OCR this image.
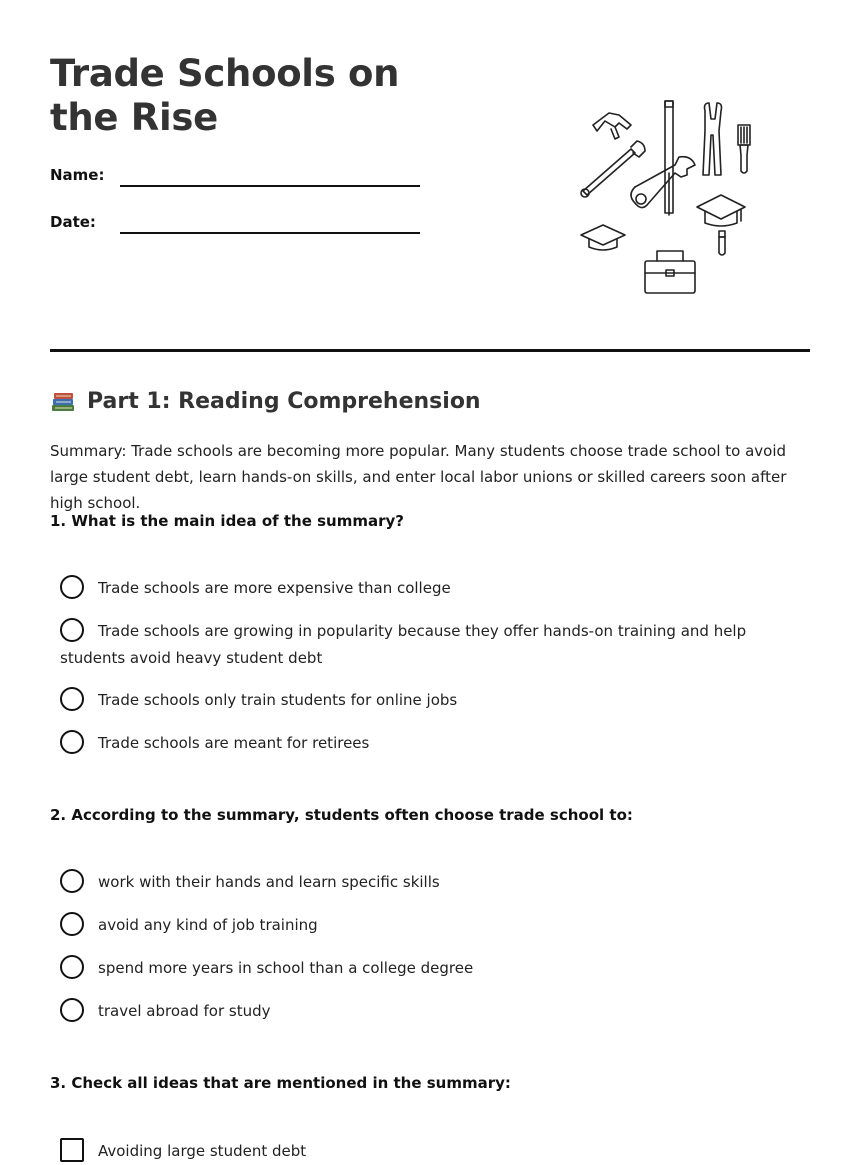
Trade Schools on the Rise
Name:
Date:
Part 1: Reading Comprehension
Summary: Trade schools are becoming more popular. Many students choose trade school to avoid large student debt, learn hands-on skills, and enter local labor unions or skilled careers soon after high school.
1. What is the main idea of the summary?
Trade schools are more expensive than college
Trade schools are growing in popularity because they offer hands-on training and help students avoid heavy student debt
Trade schools only train students for online jobs
Trade schools are meant for retirees
2. According to the summary, students often choose trade school to:
work with their hands and learn specific skills
avoid any kind of job training
spend more years in school than a college degree
travel abroad for study
3. Check all ideas that are mentioned in the summary:
Avoiding large student debt
